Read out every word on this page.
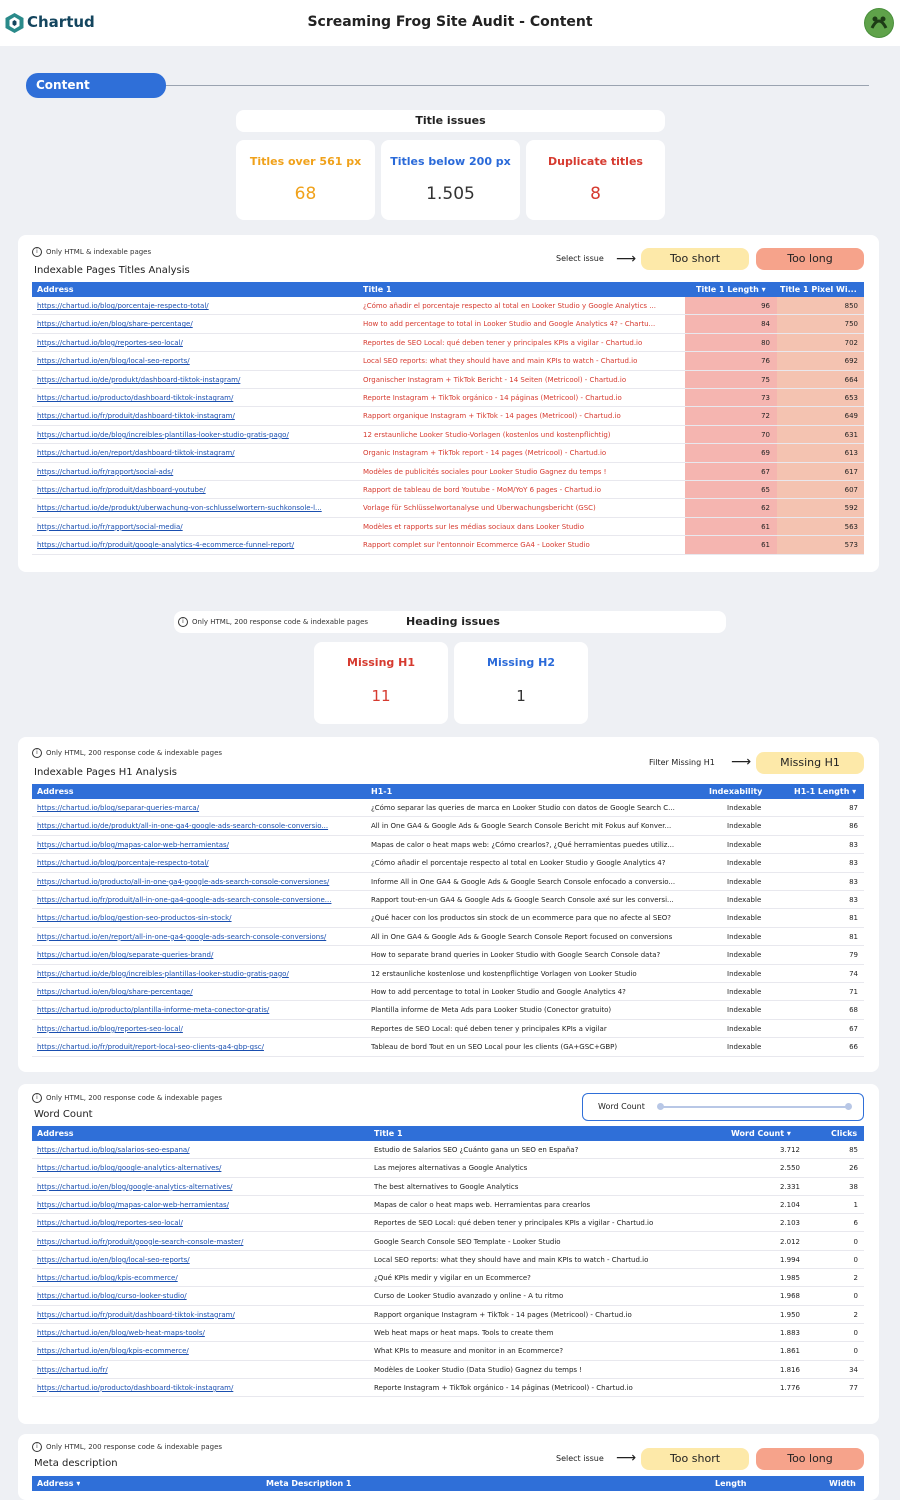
Chartud	Screaming Frog Site Audit - Content
Content
Title issues
Titles over 561 px
68
Titles below 200 px
1.505
Duplicate titles
8
i Only HTML & indexable pages
Indexable Pages Titles Analysis
Select issue ⟶	Too short	Too long
Address	Title 1	Title 1 Length ▾ Title 1 Pixel Wi...
https://chartud.io/blog/porcentaje-respecto-total/	¿Cómo añadir el porcentaje respecto al total en Looker Studio y Google Analytics ...	96	850
https://chartud.io/en/blog/share-percentage/	How to add percentage to total in Looker Studio and Google Analytics 4? - Chartu...	84	750
https://chartud.io/blog/reportes-seo-local/	Reportes de SEO Local: qué deben tener y principales KPIs a vigilar - Chartud.io	80	702
https://chartud.io/en/blog/local-seo-reports/	Local SEO reports: what they should have and main KPIs to watch - Chartud.io	76	692
https://chartud.io/de/produkt/dashboard-tiktok-instagram/	Organischer Instagram + TikTok Bericht - 14 Seiten (Metricool) - Chartud.io	75	664
https://chartud.io/producto/dashboard-tiktok-instagram/	Reporte Instagram + TikTok orgánico - 14 páginas (Metricool) - Chartud.io	73	653
https://chartud.io/fr/produit/dashboard-tiktok-instagram/	Rapport organique Instagram + TikTok - 14 pages (Metricool) - Chartud.io	72	649
https://chartud.io/de/blog/increibles-plantillas-looker-studio-gratis-pago/	12 erstaunliche Looker Studio-Vorlagen (kostenlos und kostenpflichtig)	70	631
https://chartud.io/en/report/dashboard-tiktok-instagram/	Organic Instagram + TikTok report - 14 pages (Metricool) - Chartud.io	69	613
https://chartud.io/fr/rapport/social-ads/	Modèles de publicités sociales pour Looker Studio Gagnez du temps !	67	617
https://chartud.io/fr/produit/dashboard-youtube/	Rapport de tableau de bord Youtube - MoM/YoY 6 pages - Chartud.io	65	607
https://chartud.io/de/produkt/uberwachung-von-schlusselwortern-suchkonsole-l...	Vorlage für Schlüsselwortanalyse und Überwachungsbericht (GSC)	62	592
https://chartud.io/fr/rapport/social-media/	Modèles et rapports sur les médias sociaux dans Looker Studio	61	563
https://chartud.io/fr/produit/google-analytics-4-ecommerce-funnel-report/	Rapport complet sur l'entonnoir Ecommerce GA4 - Looker Studio	61	573
i Only HTML, 200 response code & indexable pages	Heading issues
Missing H1
11
Missing H2
1
i Only HTML, 200 response code & indexable pages
Indexable Pages H1 Analysis
Filter Missing H1 ⟶	Missing H1
Address	H1-1	Indexability	H1-1 Length ▾
https://chartud.io/blog/separar-queries-marca/	¿Cómo separar las queries de marca en Looker Studio con datos de Google Search C...	Indexable	87
https://chartud.io/de/produkt/all-in-one-ga4-google-ads-search-console-conversio...	All in One GA4 & Google Ads & Google Search Console Bericht mit Fokus auf Konver...	Indexable	86
https://chartud.io/blog/mapas-calor-web-herramientas/	Mapas de calor o heat maps web: ¿Cómo crearlos?, ¿Qué herramientas puedes utiliz...	Indexable	83
https://chartud.io/blog/porcentaje-respecto-total/	¿Cómo añadir el porcentaje respecto al total en Looker Studio y Google Analytics 4?	Indexable	83
https://chartud.io/producto/all-in-one-ga4-google-ads-search-console-conversiones/	Informe All in One GA4 & Google Ads & Google Search Console enfocado a conversio...	Indexable	83
https://chartud.io/fr/produit/all-in-one-ga4-google-ads-search-console-conversione...	Rapport tout-en-un GA4 & Google Ads & Google Search Console axé sur les conversi...	Indexable	83
https://chartud.io/blog/gestion-seo-productos-sin-stock/	¿Qué hacer con los productos sin stock de un ecommerce para que no afecte al SEO?	Indexable	81
https://chartud.io/en/report/all-in-one-ga4-google-ads-search-console-conversions/	All in One GA4 & Google Ads & Google Search Console Report focused on conversions	Indexable	81
https://chartud.io/en/blog/separate-queries-brand/	How to separate brand queries in Looker Studio with Google Search Console data?	Indexable	79
https://chartud.io/de/blog/increibles-plantillas-looker-studio-gratis-pago/	12 erstaunliche kostenlose und kostenpflichtige Vorlagen von Looker Studio	Indexable	74
https://chartud.io/en/blog/share-percentage/	How to add percentage to total in Looker Studio and Google Analytics 4?	Indexable	71
https://chartud.io/producto/plantilla-informe-meta-conector-gratis/	Plantilla informe de Meta Ads para Looker Studio (Conector gratuito)	Indexable	68
https://chartud.io/blog/reportes-seo-local/	Reportes de SEO Local: qué deben tener y principales KPIs a vigilar	Indexable	67
https://chartud.io/fr/produit/report-local-seo-clients-ga4-gbp-gsc/	Tableau de bord Tout en un SEO Local pour les clients (GA+GSC+GBP)	Indexable	66
i Only HTML, 200 response code & indexable pages
Word Count
Word Count
Address	Title 1	Word Count ▾	Clicks
https://chartud.io/blog/salarios-seo-espana/	Estudio de Salarios SEO ¿Cuánto gana un SEO en España?	3.712	85
https://chartud.io/blog/google-analytics-alternatives/	Las mejores alternativas a Google Analytics	2.550	26
https://chartud.io/en/blog/google-analytics-alternatives/	The best alternatives to Google Analytics	2.331	38
https://chartud.io/blog/mapas-calor-web-herramientas/	Mapas de calor o heat maps web. Herramientas para crearlos	2.104	1
https://chartud.io/blog/reportes-seo-local/	Reportes de SEO Local: qué deben tener y principales KPIs a vigilar - Chartud.io	2.103	6
https://chartud.io/fr/produit/google-search-console-master/	Google Search Console SEO Template - Looker Studio	2.012	0
https://chartud.io/en/blog/local-seo-reports/	Local SEO reports: what they should have and main KPIs to watch - Chartud.io	1.994	0
https://chartud.io/blog/kpis-ecommerce/	¿Qué KPIs medir y vigilar en un Ecommerce?	1.985	2
https://chartud.io/blog/curso-looker-studio/	Curso de Looker Studio avanzado y online - A tu ritmo	1.968	0
https://chartud.io/fr/produit/dashboard-tiktok-instagram/	Rapport organique Instagram + TikTok - 14 pages (Metricool) - Chartud.io	1.950	2
https://chartud.io/en/blog/web-heat-maps-tools/	Web heat maps or heat maps. Tools to create them	1.883	0
https://chartud.io/en/blog/kpis-ecommerce/	What KPIs to measure and monitor in an Ecommerce?	1.861	0
https://chartud.io/fr/	Modèles de Looker Studio (Data Studio) Gagnez du temps !	1.816	34
https://chartud.io/producto/dashboard-tiktok-instagram/	Reporte Instagram + TikTok orgánico - 14 páginas (Metricool) - Chartud.io	1.776	77
i Only HTML, 200 response code & indexable pages
Meta description	Select issue ⟶	Too short	Too long
Address ▾	Meta Description 1	Length	Width
